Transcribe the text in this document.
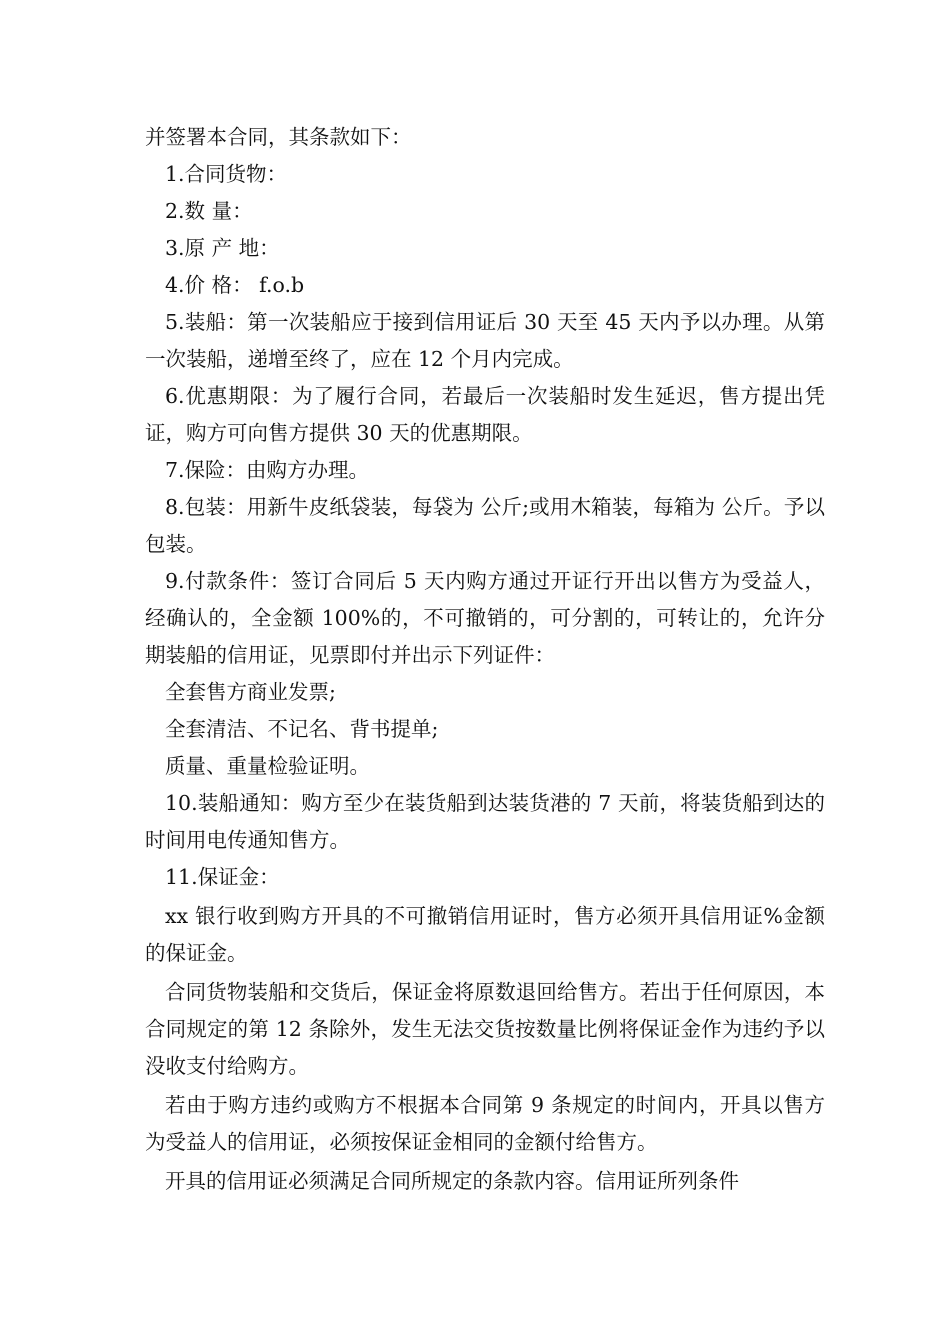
并签署本合同，其条款如下：

1.合同货物：

2.数 量：

3.原 产 地：

4.价 格： f.o.b

5.装船：第一次装船应于接到信用证后 30 天至 45 天内予以办理。从第一次装船，递增至终了，应在 12 个月内完成。

6.优惠期限：为了履行合同，若最后一次装船时发生延迟，售方提出凭证，购方可向售方提供 30 天的优惠期限。

7.保险：由购方办理。

8.包装：用新牛皮纸袋装，每袋为 公斤;或用木箱装，每箱为 公斤。予以包装。

9.付款条件：签订合同后 5 天内购方通过开证行开出以售方为受益人，经确认的，全金额 100%的，不可撤销的，可分割的，可转让的，允许分期装船的信用证，见票即付并出示下列证件：

全套售方商业发票;

全套清洁、不记名、背书提单;

质量、重量检验证明。

10.装船通知：购方至少在装货船到达装货港的 7 天前，将装货船到达的时间用电传通知售方。

11.保证金：

xx 银行收到购方开具的不可撤销信用证时，售方必须开具信用证%金额的保证金。

合同货物装船和交货后，保证金将原数退回给售方。若出于任何原因，本合同规定的第 12 条除外，发生无法交货按数量比例将保证金作为违约予以没收支付给购方。

若由于购方违约或购方不根据本合同第 9 条规定的时间内，开具以售方为受益人的信用证，必须按保证金相同的金额付给售方。

开具的信用证必须满足合同所规定的条款内容。信用证所列条件
